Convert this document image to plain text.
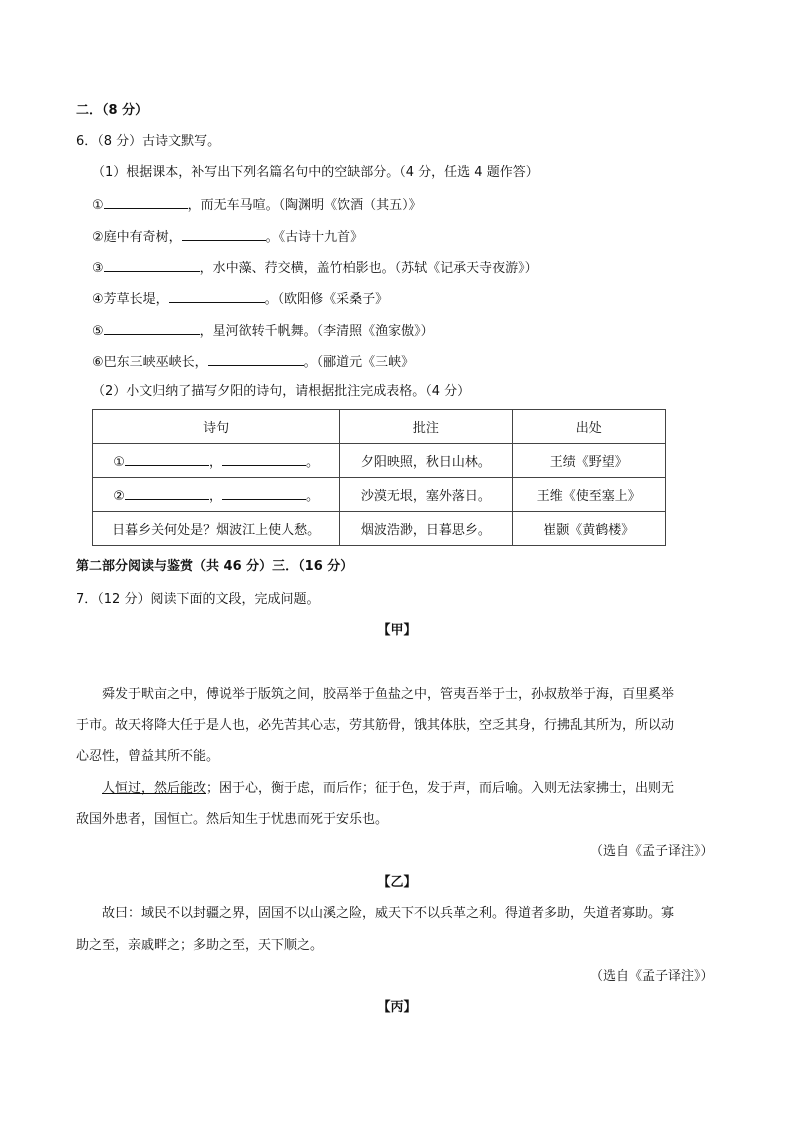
二．（8 分）
6．（8 分）古诗文默写。
（1）根据课本，补写出下列名篇名句中的空缺部分。（4 分，任选 4 题作答）
①	，而无车马喧。（陶渊明《饮酒（其五）》
②庭中有奇树，	。《古诗十九首》
③	，水中藻、荇交横，盖竹柏影也。（苏轼《记承天寺夜游》）
④芳草长堤，	。（欧阳修《采桑子》
⑤	，星河欲转千帆舞。（李清照《渔家傲》）
⑥巴东三峡巫峡长，	。（郦道元《三峡》
（2）小文归纳了描写夕阳的诗句，请根据批注完成表格。（4 分）
诗句	批注	出处
① ， 。	夕阳映照，秋日山林。	王绩《野望》
② ， 。	沙漠无垠，塞外落日。	王维《使至塞上》
日暮乡关何处是？烟波江上使人愁。	烟波浩渺，日暮思乡。	崔颢《黄鹤楼》
第二部分阅读与鉴赏（共 46 分）三．（16 分）
7．（12 分）阅读下面的文段，完成问题。
【甲】
舜发于畎亩之中，傅说举于版筑之间，胶鬲举于鱼盐之中，管夷吾举于士，孙叔敖举于海，百里奚举
于市。故天将降大任于是人也，必先苦其心志，劳其筋骨，饿其体肤，空乏其身，行拂乱其所为，所以动
心忍性，曾益其所不能。
人恒过，然后能改；困于心，衡于虑，而后作；征于色，发于声，而后喻。入则无法家拂士，出则无
敌国外患者，国恒亡。然后知生于忧患而死于安乐也。
（选自《孟子译注》）
【乙】
故曰：域民不以封疆之界，固国不以山溪之险，威天下不以兵革之利。得道者多助，失道者寡助。寡
助之至，亲戚畔之；多助之至，天下顺之。
（选自《孟子译注》）
【丙】
